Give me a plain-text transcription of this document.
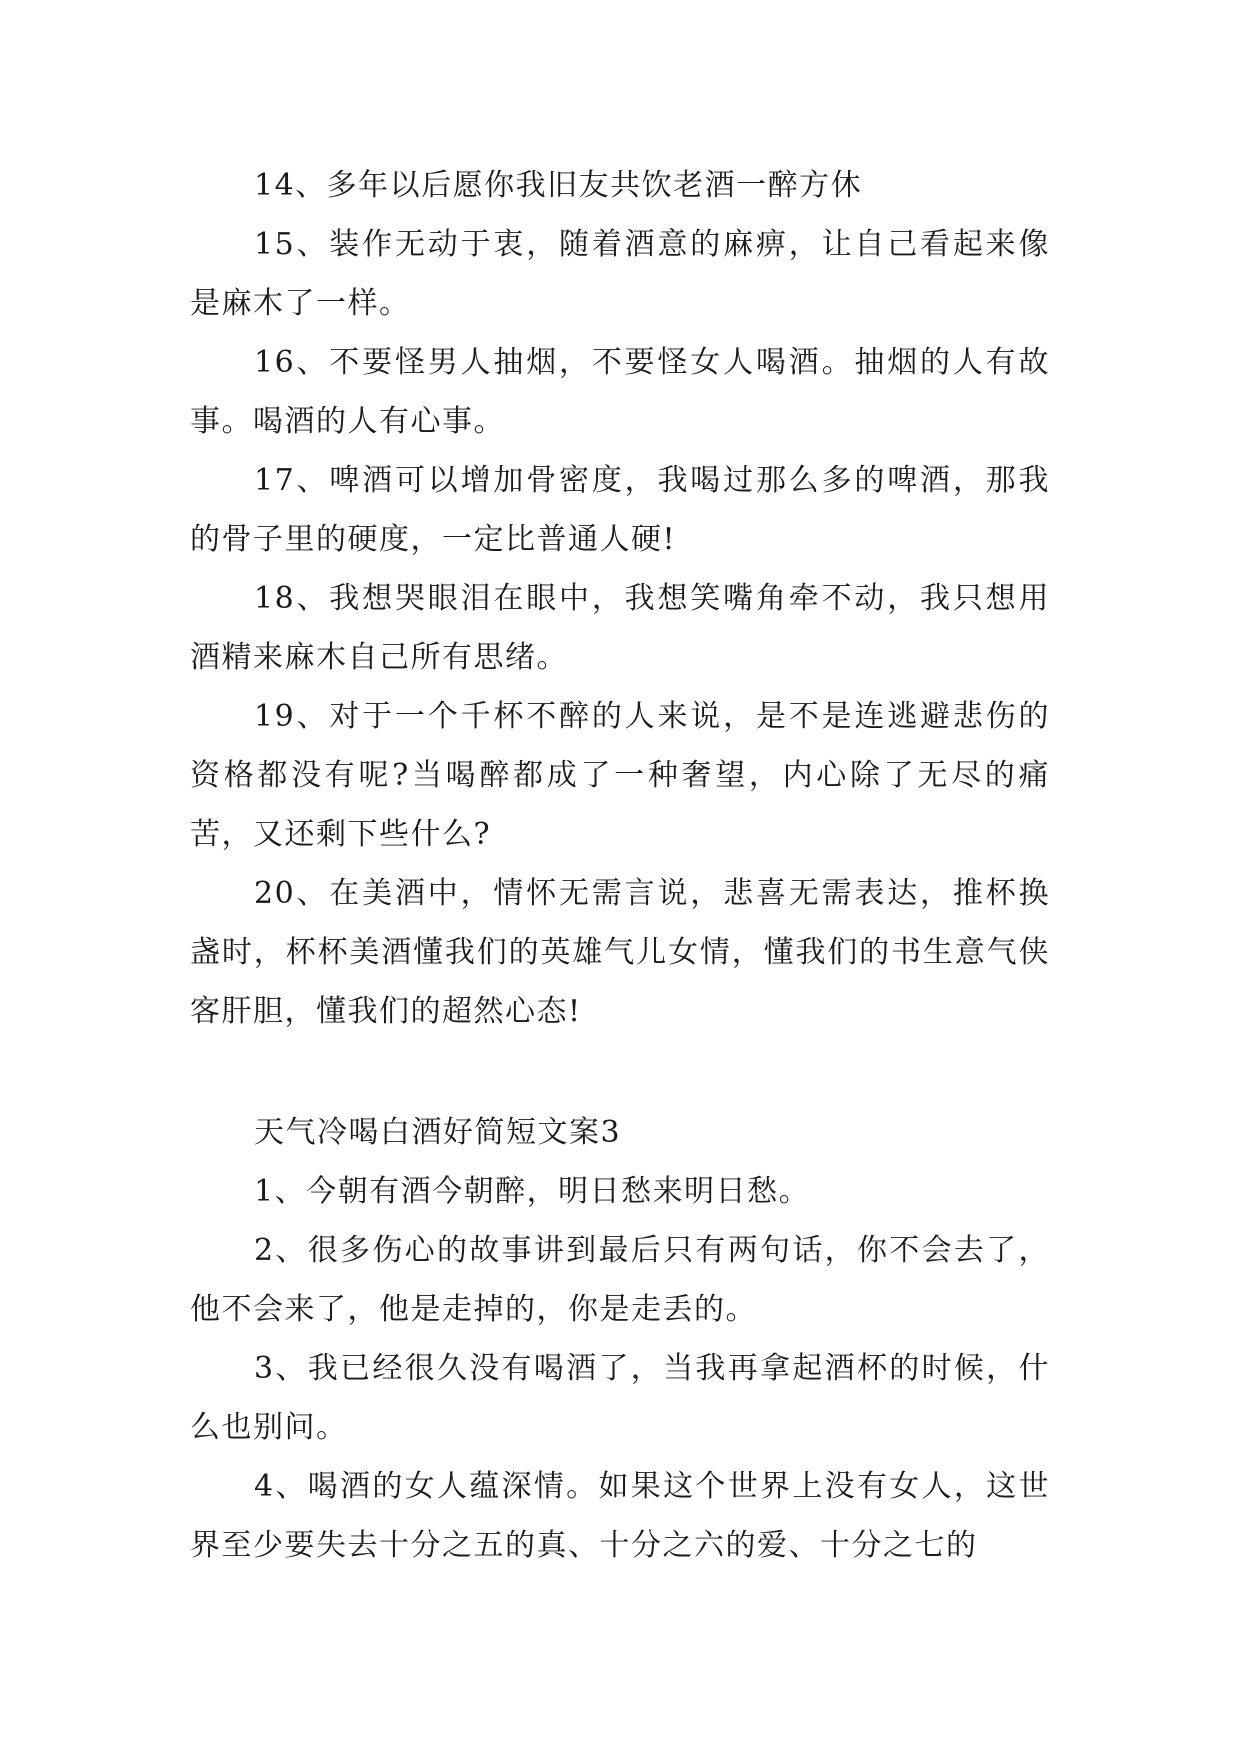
14、多年以后愿你我旧友共饮老酒一醉方休

15、装作无动于衷，随着酒意的麻痹，让自己看起来像是麻木了一样。

16、不要怪男人抽烟，不要怪女人喝酒。抽烟的人有故事。喝酒的人有心事。

17、啤酒可以增加骨密度，我喝过那么多的啤酒，那我的骨子里的硬度，一定比普通人硬!

18、我想哭眼泪在眼中，我想笑嘴角牵不动，我只想用酒精来麻木自己所有思绪。

19、对于一个千杯不醉的人来说，是不是连逃避悲伤的资格都没有呢?当喝醉都成了一种奢望，内心除了无尽的痛苦，又还剩下些什么?

20、在美酒中，情怀无需言说，悲喜无需表达，推杯换盏时，杯杯美酒懂我们的英雄气儿女情，懂我们的书生意气侠客肝胆，懂我们的超然心态!

天气冷喝白酒好简短文案3

1、今朝有酒今朝醉，明日愁来明日愁。

2、很多伤心的故事讲到最后只有两句话，你不会去了，他不会来了，他是走掉的，你是走丢的。

3、我已经很久没有喝酒了，当我再拿起酒杯的时候，什么也别问。

4、喝酒的女人蕴深情。如果这个世界上没有女人，这世界至少要失去十分之五的真、十分之六的爱、十分之七的
